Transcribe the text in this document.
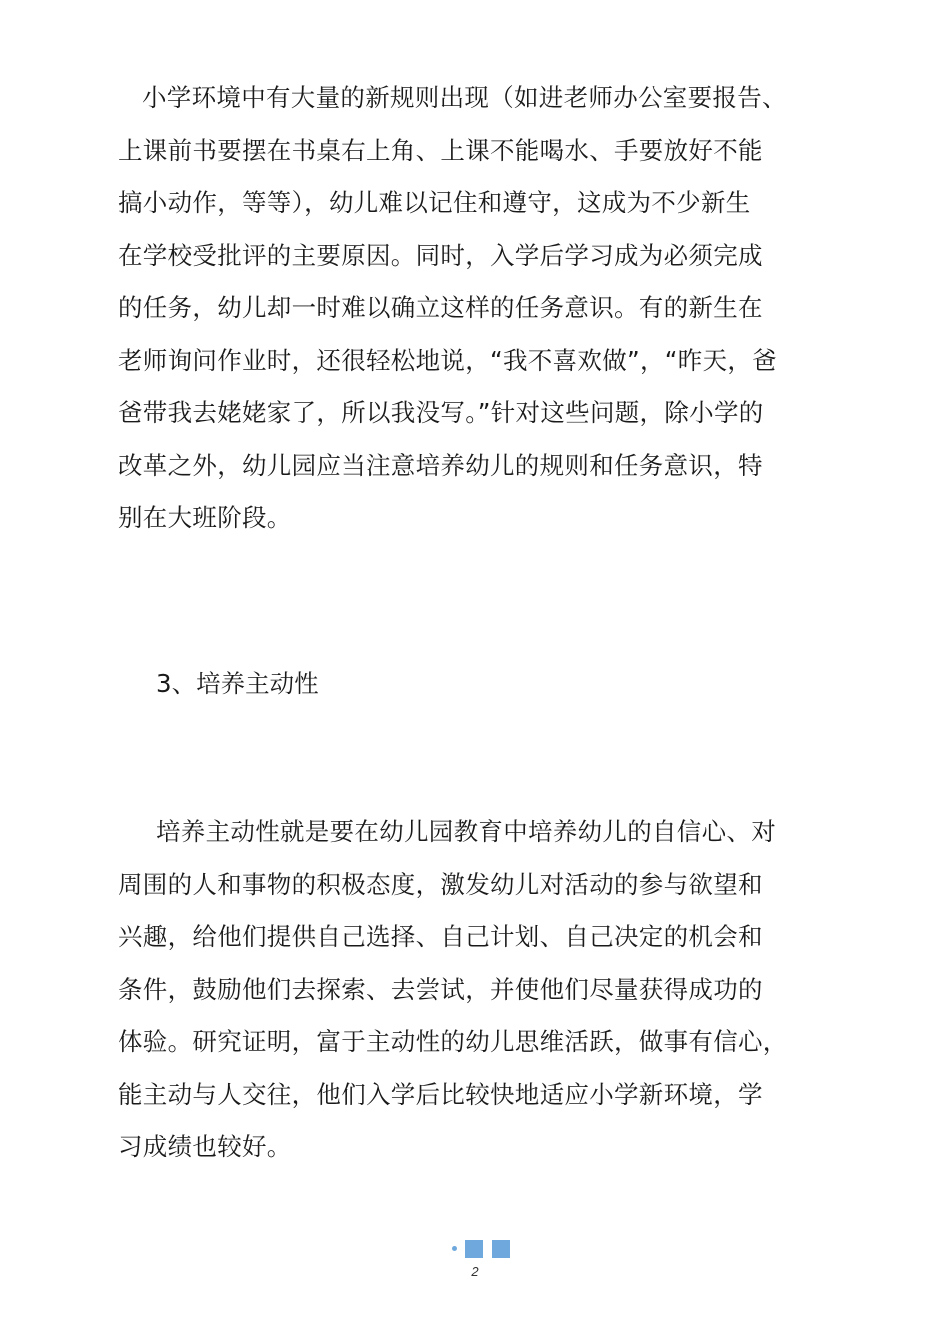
小学环境中有大量的新规则出现（如进老师办公室要报告、
上课前书要摆在书桌右上角、上课不能喝水、手要放好不能
搞小动作，等等），幼儿难以记住和遵守，这成为不少新生
在学校受批评的主要原因。同时，入学后学习成为必须完成
的任务，幼儿却一时难以确立这样的任务意识。有的新生在
老师询问作业时，还很轻松地说，“我不喜欢做”，“昨天，爸
爸带我去姥姥家了，所以我没写。”针对这些问题，除小学的
改革之外，幼儿园应当注意培养幼儿的规则和任务意识，特
别在大班阶段。
3、培养主动性
培养主动性就是要在幼儿园教育中培养幼儿的自信心、对
周围的人和事物的积极态度，激发幼儿对活动的参与欲望和
兴趣，给他们提供自己选择、自己计划、自己决定的机会和
条件，鼓励他们去探索、去尝试，并使他们尽量获得成功的
体验。研究证明，富于主动性的幼儿思维活跃，做事有信心，
能主动与人交往，他们入学后比较快地适应小学新环境，学
习成绩也较好。
2
